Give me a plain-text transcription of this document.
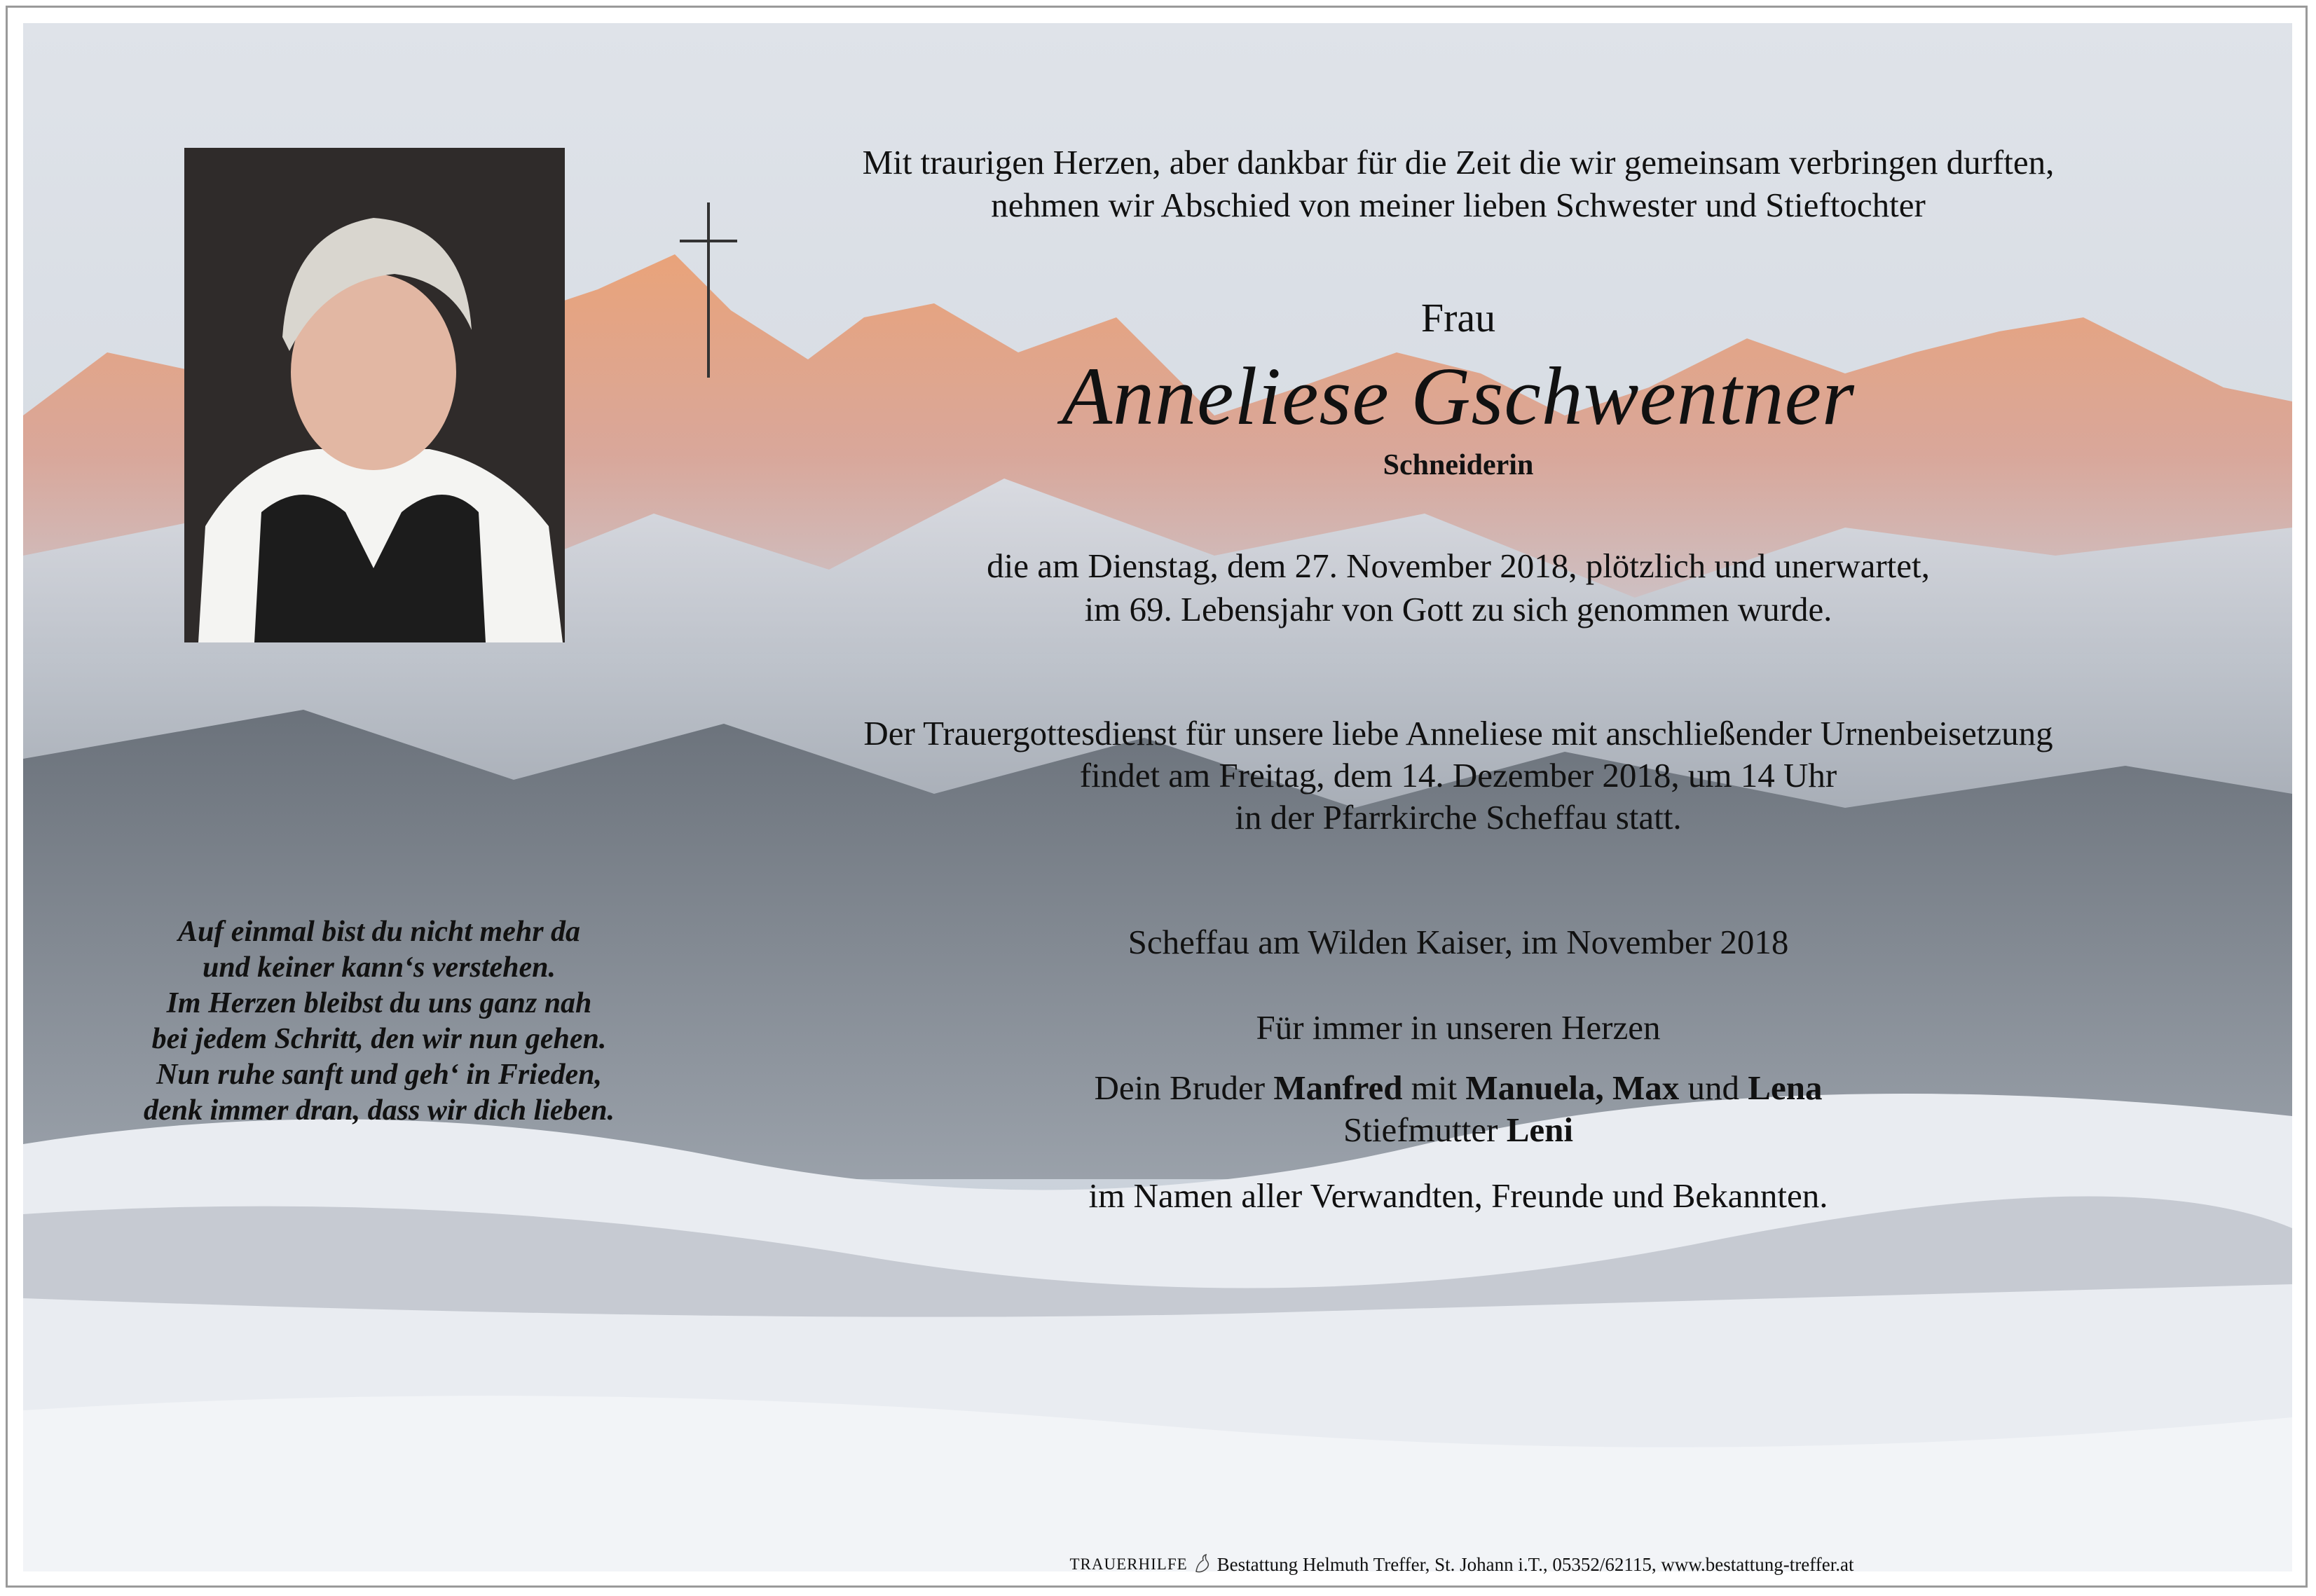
Mit traurigen Herzen, aber dankbar für die Zeit die wir gemeinsam verbringen durften,
nehmen wir Abschied von meiner lieben Schwester und Stieftochter
Frau
Anneliese Gschwentner
Schneiderin
die am Dienstag, dem 27. November 2018, plötzlich und unerwartet,
im 69. Lebensjahr von Gott zu sich genommen wurde.
Der Trauergottesdienst für unsere liebe Anneliese mit anschließender Urnenbeisetzung
findet am Freitag, dem 14. Dezember 2018, um 14 Uhr
in der Pfarrkirche Scheffau statt.
Scheffau am Wilden Kaiser, im November 2018
Für immer in unseren Herzen
Dein Bruder Manfred mit Manuela, Max und Lena
Stiefmutter Leni
im Namen aller Verwandten, Freunde und Bekannten.
Auf einmal bist du nicht mehr da
und keiner kann‘s verstehen.
Im Herzen bleibst du uns ganz nah
bei jedem Schritt, den wir nun gehen.
Nun ruhe sanft und geh‘ in Frieden,
denk immer dran, dass wir dich lieben.
TRAUERHILFE Bestattung Helmuth Treffer, St. Johann i.T., 05352/62115, www.bestattung-treffer.at
